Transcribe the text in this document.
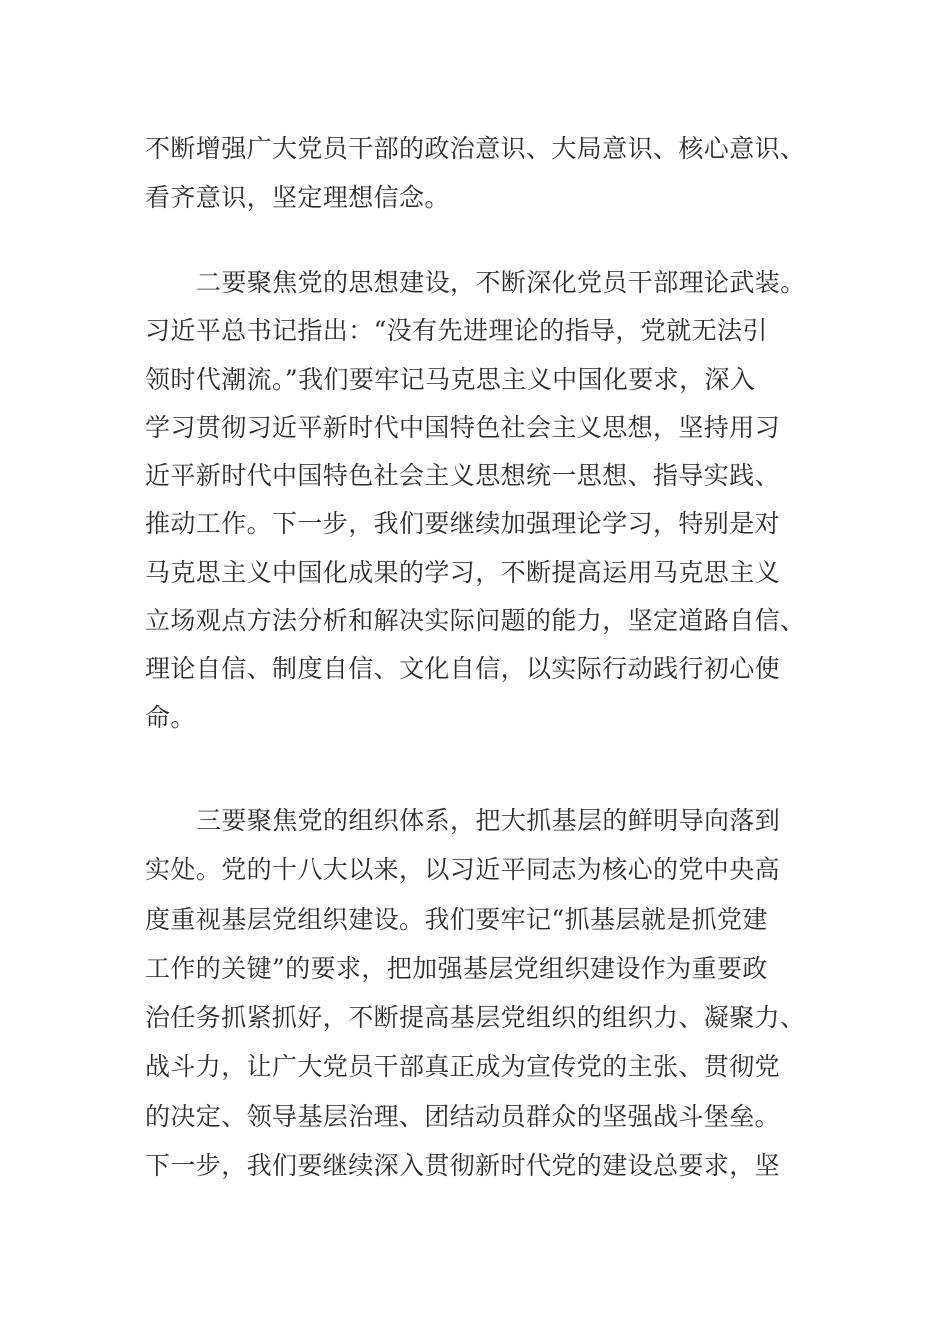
不断增强广大党员干部的政治意识、大局意识、核心意识、
看齐意识，坚定理想信念。
二要聚焦党的思想建设，不断深化党员干部理论武装。
习近平总书记指出：“没有先进理论的指导，党就无法引
领时代潮流。”我们要牢记马克思主义中国化要求，深入
学习贯彻习近平新时代中国特色社会主义思想，坚持用习
近平新时代中国特色社会主义思想统一思想、指导实践、
推动工作。下一步，我们要继续加强理论学习，特别是对
马克思主义中国化成果的学习，不断提高运用马克思主义
立场观点方法分析和解决实际问题的能力，坚定道路自信、
理论自信、制度自信、文化自信，以实际行动践行初心使
命。
三要聚焦党的组织体系，把大抓基层的鲜明导向落到
实处。党的十八大以来，以习近平同志为核心的党中央高
度重视基层党组织建设。我们要牢记“抓基层就是抓党建
工作的关键”的要求，把加强基层党组织建设作为重要政
治任务抓紧抓好，不断提高基层党组织的组织力、凝聚力、
战斗力，让广大党员干部真正成为宣传党的主张、贯彻党
的决定、领导基层治理、团结动员群众的坚强战斗堡垒。
下一步，我们要继续深入贯彻新时代党的建设总要求，坚
